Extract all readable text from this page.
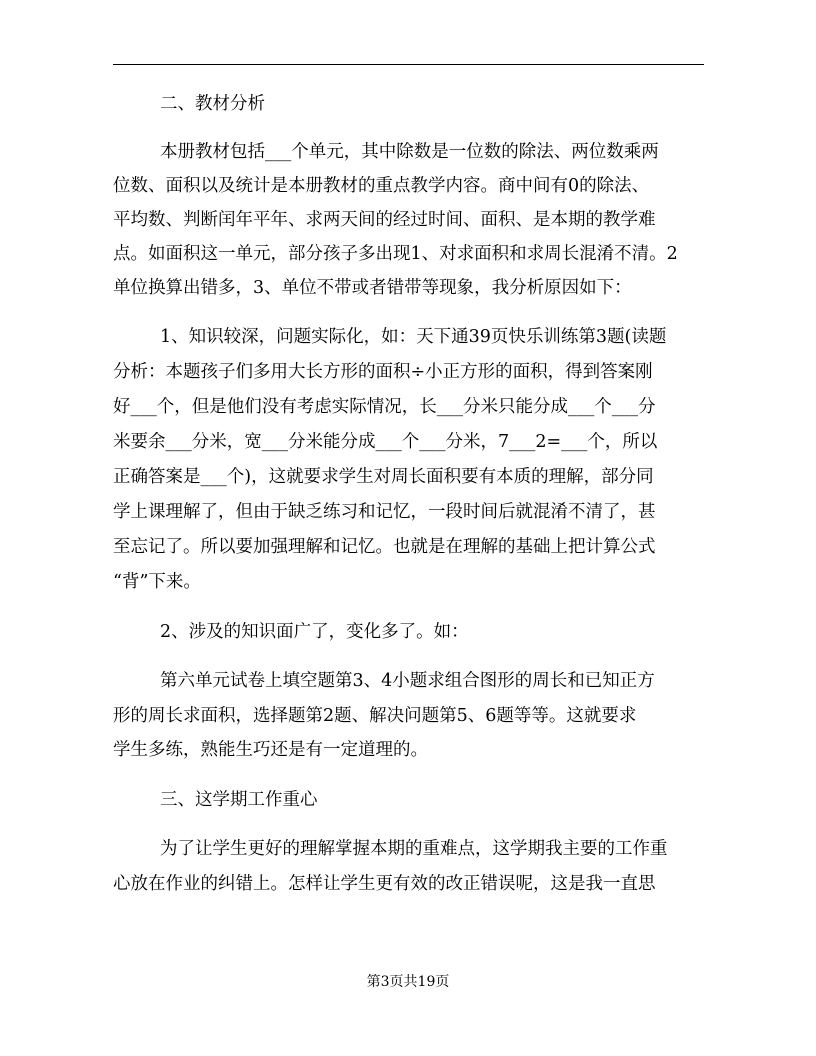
二、教材分析
本册教材包括___个单元，其中除数是一位数的除法、两位数乘两
位数、面积以及统计是本册教材的重点教学内容。商中间有0的除法、
平均数、判断闰年平年、求两天间的经过时间、面积、是本期的教学难
点。如面积这一单元，部分孩子多出现1、对求面积和求周长混淆不清。2
单位换算出错多，3、单位不带或者错带等现象，我分析原因如下：
1、知识较深，问题实际化，如：天下通39页快乐训练第3题(读题
分析：本题孩子们多用大长方形的面积÷小正方形的面积，得到答案刚
好___个，但是他们没有考虑实际情况，长___分米只能分成___个___分
米要余___分米，宽___分米能分成___个___分米，7___2=___个，所以
正确答案是___个)，这就要求学生对周长面积要有本质的理解，部分同
学上课理解了，但由于缺乏练习和记忆，一段时间后就混淆不清了，甚
至忘记了。所以要加强理解和记忆。也就是在理解的基础上把计算公式
“背”下来。
2、涉及的知识面广了，变化多了。如：
第六单元试卷上填空题第3、4小题求组合图形的周长和已知正方
形的周长求面积，选择题第2题、解决问题第5、6题等等。这就要求
学生多练，熟能生巧还是有一定道理的。
三、这学期工作重心
为了让学生更好的理解掌握本期的重难点，这学期我主要的工作重
心放在作业的纠错上。怎样让学生更有效的改正错误呢，这是我一直思
第3页共19页
